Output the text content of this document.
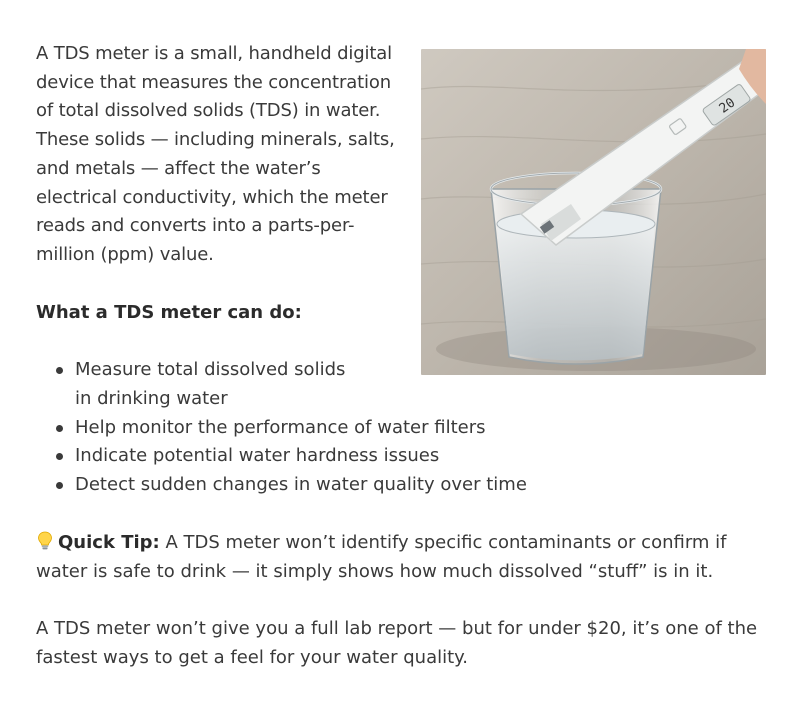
20

A TDS meter is a small, handheld digital device that measures the concentration of total dissolved solids (TDS) in water. These solids — including minerals, salts, and metals — affect the water’s electrical conductivity, which the meter reads and converts into a parts-per-million (ppm) value.

What a TDS meter can do:

Measure total dissolved solids in drinking water
Help monitor the performance of water filters
Indicate potential water hardness issues
Detect sudden changes in water quality over time

Quick Tip: A TDS meter won’t identify specific contaminants or confirm if water is safe to drink — it simply shows how much dissolved “stuff” is in it.

A TDS meter won’t give you a full lab report — but for under $20, it’s one of the fastest ways to get a feel for your water quality.
